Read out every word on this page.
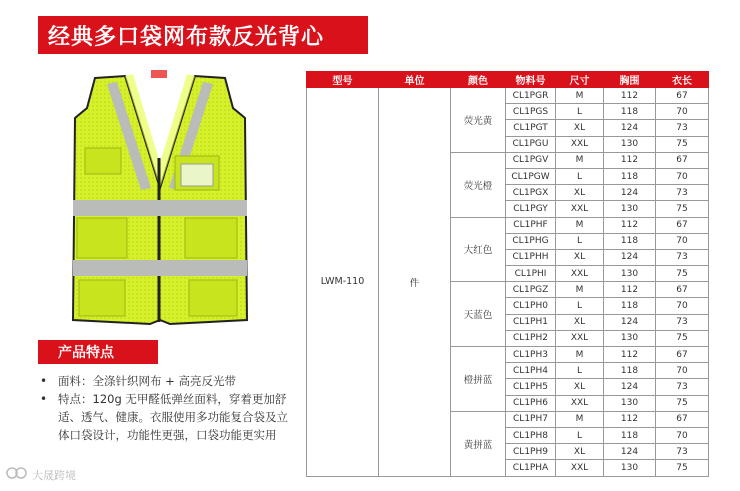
经典多口袋网布款反光背心
产品特点
• 面料：全涤针织网布 + 高亮反光带
• 特点：120g 无甲醛低弹丝面料，穿着更加舒适、透气、健康。衣服使用多功能复合袋及立体口袋设计，功能性更强，口袋功能更实用
大晟跨境
型号	单位	颜色	物料号	尺寸	胸围	衣长
LWM-110	件	荧光黄	CL1PGR	M	112	67
			CL1PGS	L	118	70
			CL1PGT	XL	124	73
			CL1PGU	XXL	130	75
		荧光橙	CL1PGV	M	112	67
			CL1PGW	L	118	70
			CL1PGX	XL	124	73
			CL1PGY	XXL	130	75
		大红色	CL1PHF	M	112	67
			CL1PHG	L	118	70
			CL1PHH	XL	124	73
			CL1PHI	XXL	130	75
		天蓝色	CL1PGZ	M	112	67
			CL1PH0	L	118	70
			CL1PH1	XL	124	73
			CL1PH2	XXL	130	75
		橙拼蓝	CL1PH3	M	112	67
			CL1PH4	L	118	70
			CL1PH5	XL	124	73
			CL1PH6	XXL	130	75
		黄拼蓝	CL1PH7	M	112	67
			CL1PH8	L	118	70
			CL1PH9	XL	124	73
			CL1PHA	XXL	130	75
